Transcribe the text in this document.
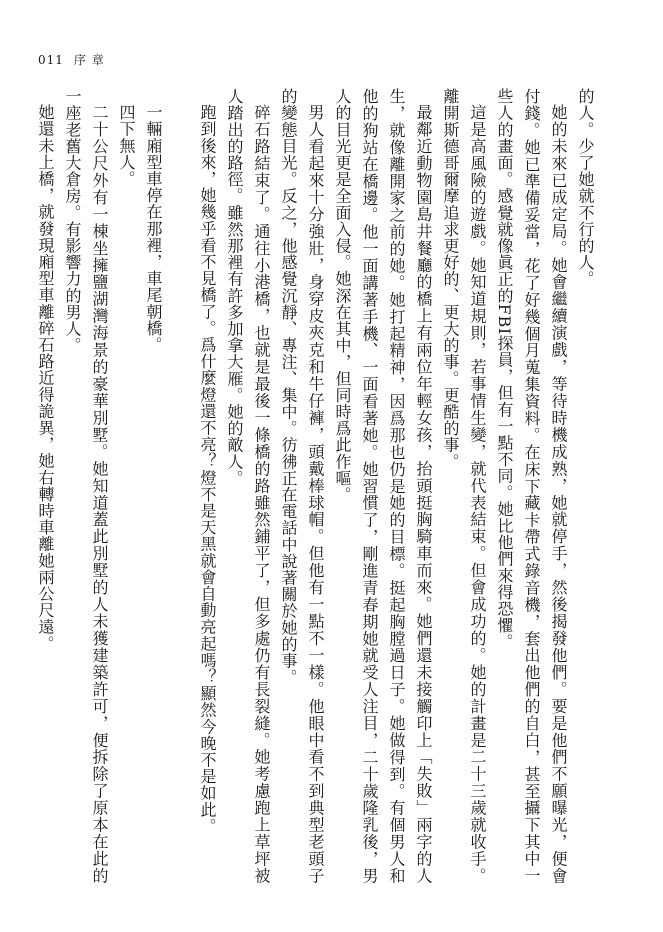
011 序 章

的人。少了她就不行的人。

她的未來已成定局。她會繼續演戲，等待時機成熟，她就停手，然後揭發他們。要是他們不願曝光，便會付錢。她已準備妥當，花了好幾個月蒐集資料。在床下藏卡帶式錄音機，套出他們的自白，甚至攝下其中一些人的畫面。感覺就像眞正的FBI探員，但有一點不同。她比他們來得恐懼。

這是高風險的遊戲。她知道規則，若事情生變，就代表結束。但會成功的。她的計畫是二十三歲就收手。離開斯德哥爾摩追求更好的、更大的事。更酷的事。

最鄰近動物園島井餐廳的橋上有兩位年輕女孩，抬頭挺胸騎車而來。她們還未接觸印上「失敗」兩字的人生，就像離開家之前的她。她打起精神，因爲那也仍是她的目標。挺起胸膛過日子。她做得到。有個男人和他的狗站在橋邊。他一面講著手機、一面看著她。她習慣了，剛進青春期她就受人注目，二十歲隆乳後，男人的目光更是全面入侵。她深在其中，但同時爲此作嘔。

男人看起來十分強壯，身穿皮夾克和牛仔褲，頭戴棒球帽。但他有一點不一樣。他眼中看不到典型老頭子的變態目光。反之，他感覺沉靜、專注、集中。彷彿正在電話中說著關於她的事。

碎石路結束了。通往小港橋，也就是最後一條橋的路雖然鋪平了，但多處仍有長裂縫。她考慮跑上草坪被人踏出的路徑。雖然那裡有許多加拿大雁。她的敵人。

跑到後來，她幾乎看不見橋了。爲什麼燈還不亮？燈不是天黑就會自動亮起嗎？顯然今晚不是如此。

一輛廂型車停在那裡，車尾朝橋。

四下無人。

二十公尺外有一棟坐擁鹽湖灣海景的豪華別墅。她知道蓋此別墅的人未獲建築許可，便拆除了原本在此的一座老舊大倉房。有影響力的男人。

她還未上橋，就發現廂型車離碎石路近得詭異，她右轉時車離她兩公尺遠。
